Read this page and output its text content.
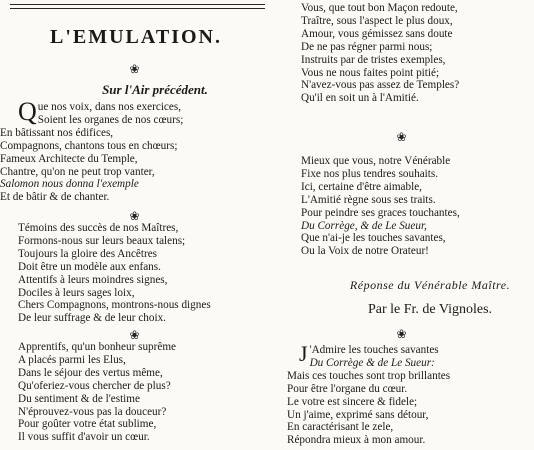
L'EMULATION.
❀
Sur l'Air précédent.
Q ue nos voix, dans nos exercices,
Soient les organes de nos cœurs;
En bâtissant nos édifices,
Compagnons, chantons tous en chœurs;
Fameux Architecte du Temple,
Chantre, qu'on ne peut trop vanter,
Salomon nous donna l'exemple
Et de bâtir & de chanter.
❀
Témoins des succès de nos Maîtres,
Formons-nous sur leurs beaux talens;
Toujours la gloire des Ancêtres
Doit être un modèle aux enfans.
Attentifs à leurs moindres signes,
Dociles à leurs sages loix,
Chers Compagnons, montrons-nous dignes
De leur suffrage & de leur choix.
❀
Apprentifs, qu'un bonheur suprême
A placés parmi les Elus,
Dans le séjour des vertus même,
Qu'oferiez-vous chercher de plus?
Du sentiment & de l'estime
N'éprouvez-vous pas la douceur?
Pour goûter votre état sublime,
Il vous suffit d'avoir un cœur.
Vous, que tout bon Maçon redoute,
Traître, sous l'aspect le plus doux,
Amour, vous gémissez sans doute
De ne pas régner parmi nous;
Instruits par de tristes exemples,
Vous ne nous faites point pitié;
N'avez-vous pas assez de Temples?
Qu'il en soit un à l'Amitié.
❀
Mieux que vous, notre Vénérable
Fixe nos plus tendres souhaits.
Ici, certaine d'être aimable,
L'Amitié règne sous ses traits.
Pour peindre ses graces touchantes,
Du Corrège, & de Le Sueur,
Que n'ai-je les touches savantes,
Ou la Voix de notre Orateur!
Réponse du Vénérable Maître.
Par le Fr. de Vignoles.
❀
J 'Admire les touches savantes
Du Corrège & de Le Sueur:
Mais ces touches sont trop brillantes
Pour être l'organe du cœur.
Le votre est sincere & fidele;
Un j'aime, exprimé sans détour,
En caractérisant le zele,
Répondra mieux à mon amour.
